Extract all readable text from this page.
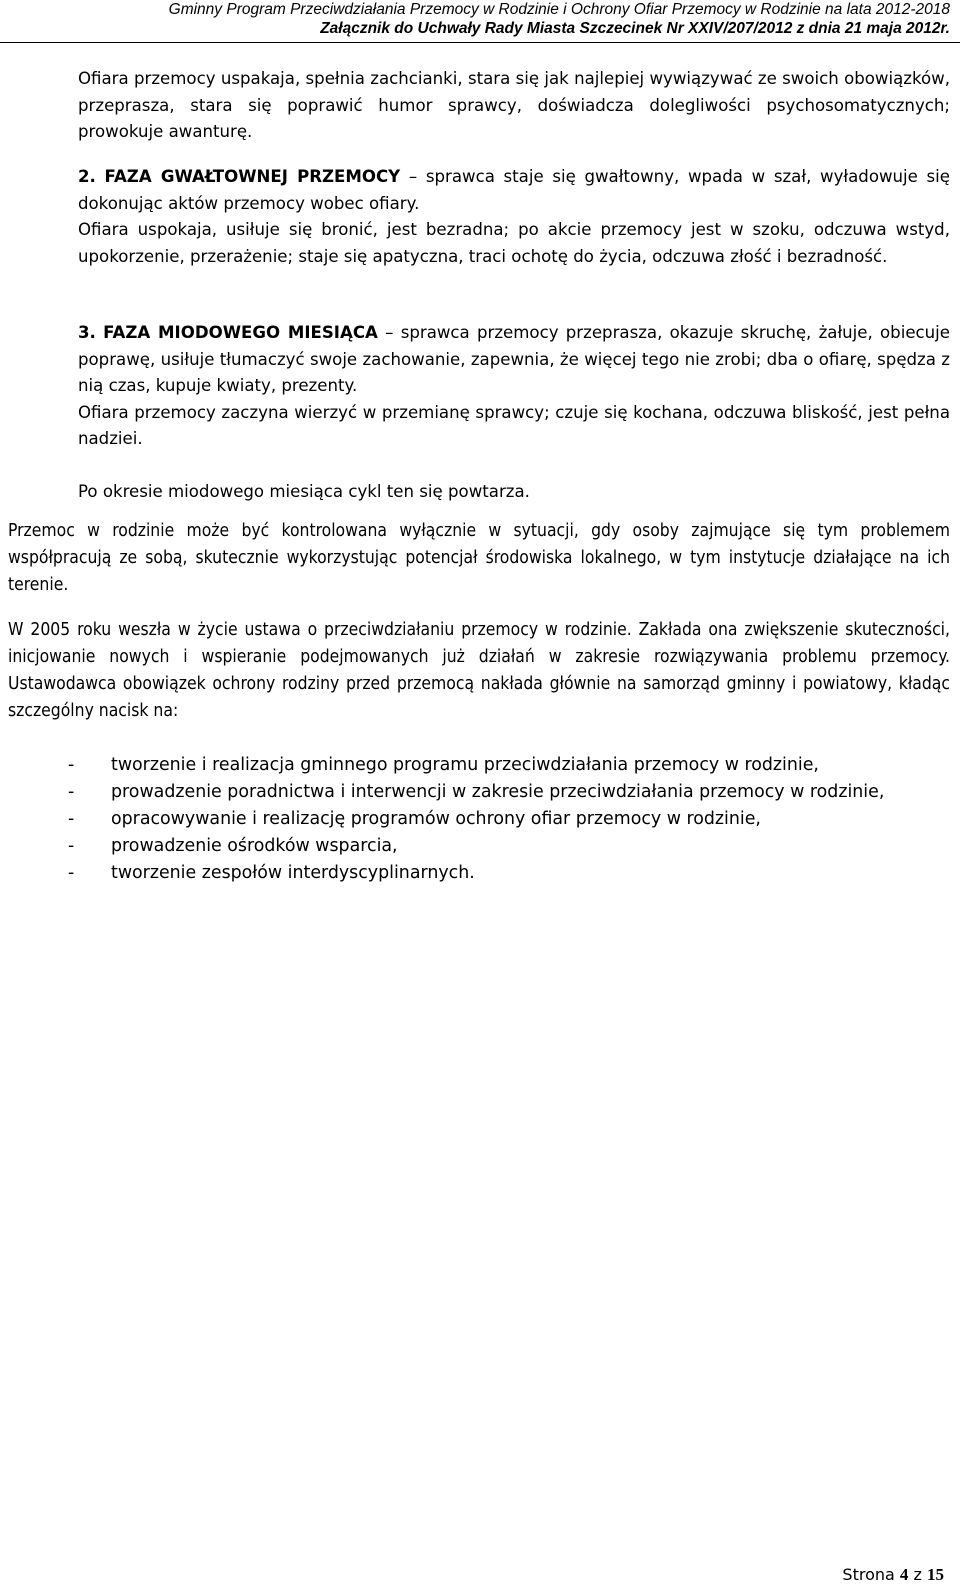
Gminny Program Przeciwdziałania Przemocy w Rodzinie i Ochrony Ofiar Przemocy w Rodzinie na lata 2012-2018
Załącznik do Uchwały Rady Miasta Szczecinek Nr XXIV/207/2012 z dnia 21 maja 2012r.

Ofiara przemocy uspakaja, spełnia zachcianki, stara się jak najlepiej wywiązywać ze swoich obowiązków, przeprasza, stara się poprawić humor sprawcy, doświadcza dolegliwości psychosomatycznych; prowokuje awanturę.

2. FAZA GWAŁTOWNEJ PRZEMOCY – sprawca staje się gwałtowny, wpada w szał, wyładowuje się dokonując aktów przemocy wobec ofiary.

Ofiara uspokaja, usiłuje się bronić, jest bezradna; po akcie przemocy jest w szoku, odczuwa wstyd, upokorzenie, przerażenie; staje się apatyczna, traci ochotę do życia, odczuwa złość i bezradność.

3. FAZA MIODOWEGO MIESIĄCA – sprawca przemocy przeprasza, okazuje skruchę, żałuje, obiecuje poprawę, usiłuje tłumaczyć swoje zachowanie, zapewnia, że więcej tego nie zrobi; dba o ofiarę, spędza z nią czas, kupuje kwiaty, prezenty.

Ofiara przemocy zaczyna wierzyć w przemianę sprawcy; czuje się kochana, odczuwa bliskość, jest pełna nadziei.

Po okresie miodowego miesiąca cykl ten się powtarza.

Przemoc w rodzinie może być kontrolowana wyłącznie w sytuacji, gdy osoby zajmujące się tym problemem współpracują ze sobą, skutecznie wykorzystując potencjał środowiska lokalnego, w tym instytucje działające na ich terenie.

W 2005 roku weszła w życie ustawa o przeciwdziałaniu przemocy w rodzinie. Zakłada ona zwiększenie skuteczności, inicjowanie nowych i wspieranie podejmowanych już działań w zakresie rozwiązywania problemu przemocy. Ustawodawca obowiązek ochrony rodziny przed przemocą nakłada głównie na samorząd gminny i powiatowy, kładąc szczególny nacisk na:

- tworzenie i realizacja gminnego programu przeciwdziałania przemocy w rodzinie,
- prowadzenie poradnictwa i interwencji w zakresie przeciwdziałania przemocy w rodzinie,
- opracowywanie i realizację programów ochrony ofiar przemocy w rodzinie,
- prowadzenie ośrodków wsparcia,
- tworzenie zespołów interdyscyplinarnych.
Strona 4 z 15
